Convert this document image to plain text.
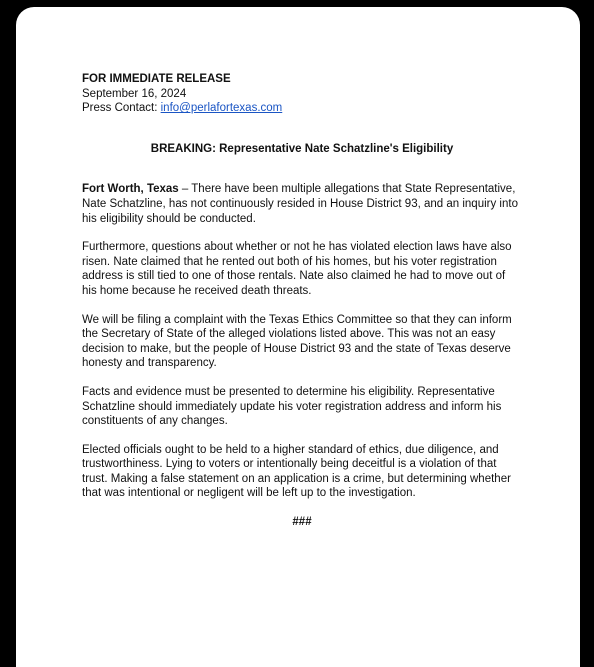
FOR IMMEDIATE RELEASE

September 16, 2024

Press Contact: info@perlafortexas.com

BREAKING: Representative Nate Schatzline's Eligibility

Fort Worth, Texas – There have been multiple allegations that State Representative, Nate Schatzline, has not continuously resided in House District 93, and an inquiry into his eligibility should be conducted.

Furthermore, questions about whether or not he has violated election laws have also risen. Nate claimed that he rented out both of his homes, but his voter registration address is still tied to one of those rentals. Nate also claimed he had to move out of his home because he received death threats.

We will be filing a complaint with the Texas Ethics Committee so that they can inform the Secretary of State of the alleged violations listed above. This was not an easy decision to make, but the people of House District 93 and the state of Texas deserve honesty and transparency.

Facts and evidence must be presented to determine his eligibility. Representative Schatzline should immediately update his voter registration address and inform his constituents of any changes.

Elected officials ought to be held to a higher standard of ethics, due diligence, and trustworthiness. Lying to voters or intentionally being deceitful is a violation of that trust. Making a false statement on an application is a crime, but determining whether that was intentional or negligent will be left up to the investigation.

###
